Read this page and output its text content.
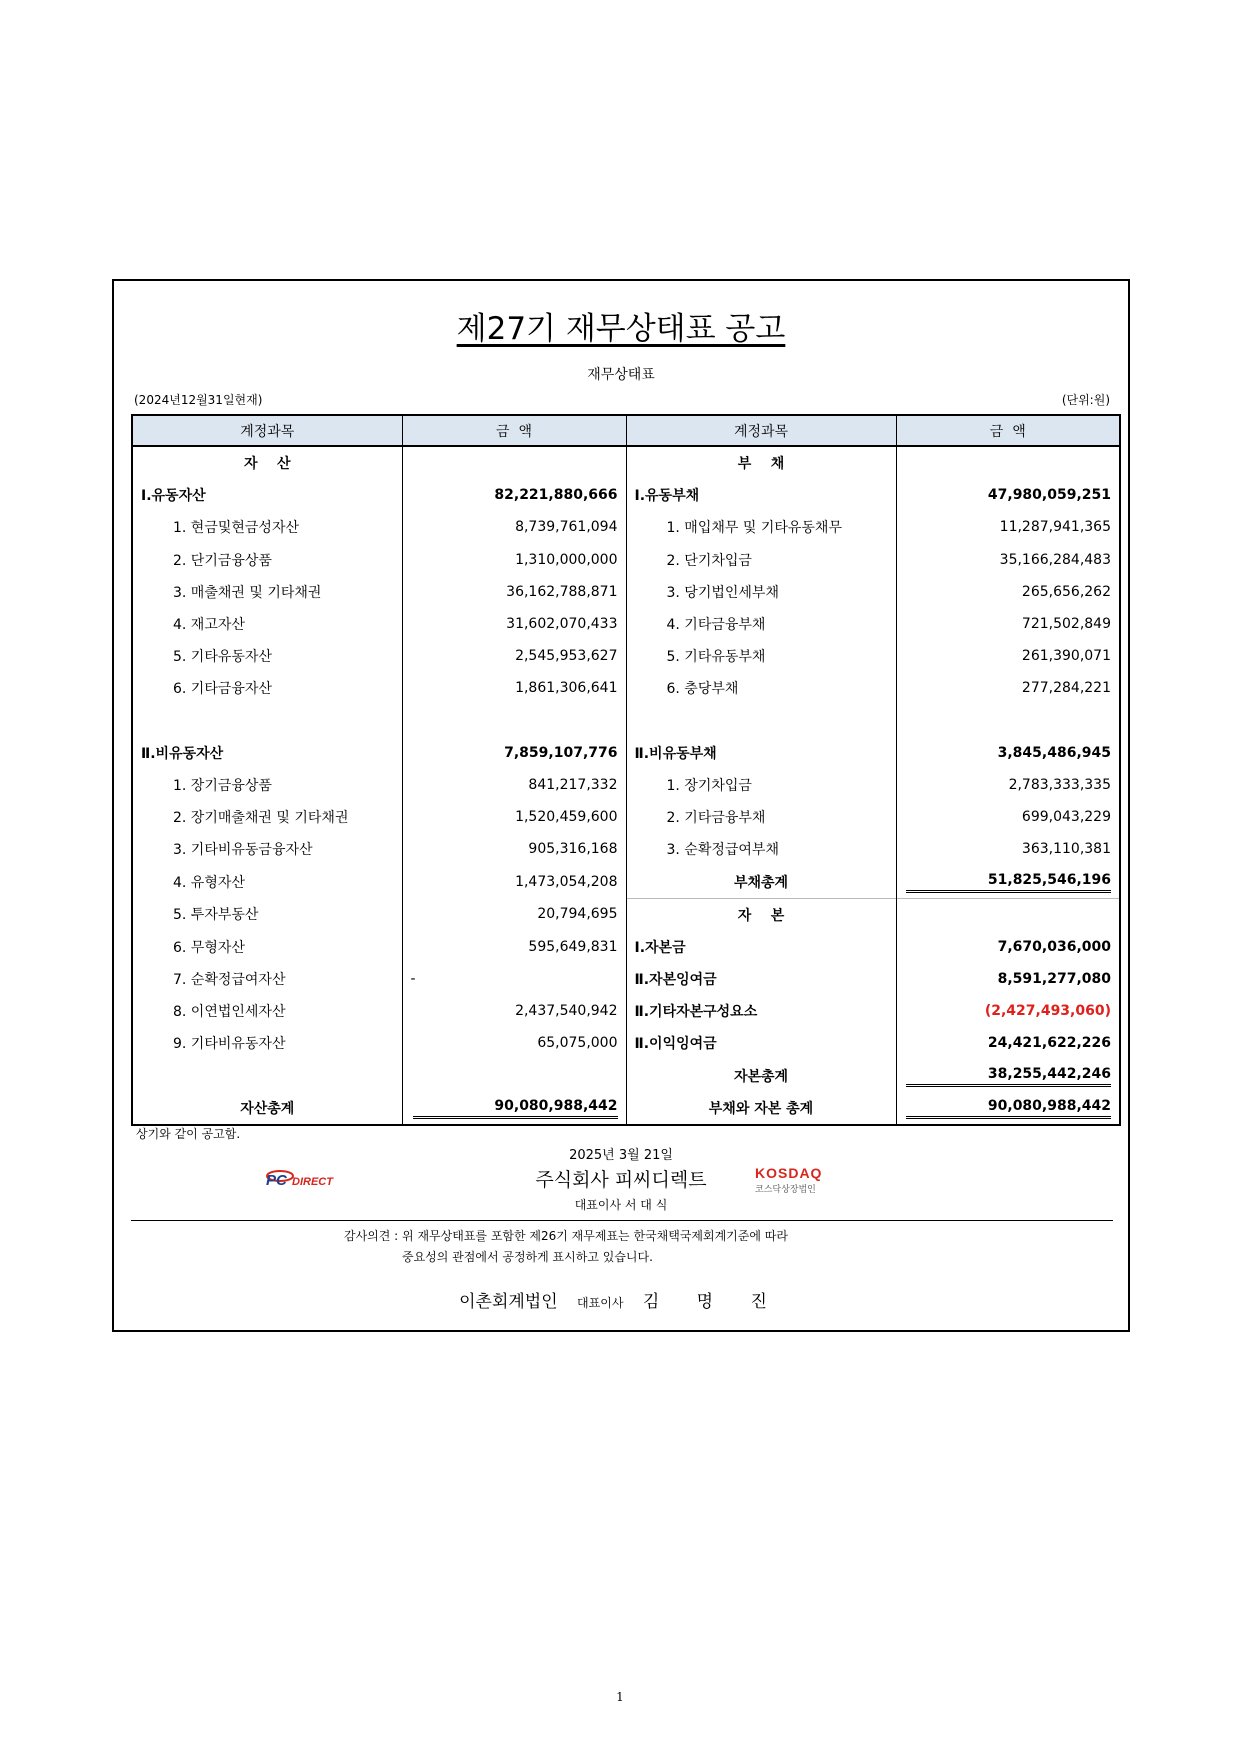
제27기 재무상태표 공고
재무상태표
(2024년12월31일현재)	(단위:원)
계정과목	금  액	계정과목	금  액
자    산		부    채	
Ⅰ.유동자산	82,221,880,666	Ⅰ.유동부채	47,980,059,251
1. 현금및현금성자산	8,739,761,094	1. 매입채무 및 기타유동채무	11,287,941,365
2. 단기금융상품	1,310,000,000	2. 단기차입금	35,166,284,483
3. 매출채권 및 기타채권	36,162,788,871	3. 당기법인세부채	265,656,262
4. 재고자산	31,602,070,433	4. 기타금융부채	721,502,849
5. 기타유동자산	2,545,953,627	5. 기타유동부채	261,390,071
6. 기타금융자산	1,861,306,641	6. 충당부채	277,284,221

Ⅱ.비유동자산	7,859,107,776	Ⅱ.비유동부채	3,845,486,945
1. 장기금융상품	841,217,332	1. 장기차입금	2,783,333,335
2. 장기매출채권 및 기타채권	1,520,459,600	2. 기타금융부채	699,043,229
3. 기타비유동금융자산	905,316,168	3. 순확정급여부채	363,110,381
4. 유형자산	1,473,054,208	부채총계	51,825,546,196
5. 투자부동산	20,794,695	자    본	
6. 무형자산	595,649,831	Ⅰ.자본금	7,670,036,000
7. 순확정급여자산	-	Ⅱ.자본잉여금	8,591,277,080
8. 이연법인세자산	2,437,540,942	Ⅱ.기타자본구성요소	(2,427,493,060)
9. 기타비유동자산	65,075,000	Ⅱ.이익잉여금	24,421,622,226
		자본총계	38,255,442,246
자산총계	90,080,988,442	부채와 자본 총계	90,080,988,442
상기와 같이 공고함.
2025년 3월 21일
PC DIRECT	주식회사 피씨디렉트	KOSDAQ
코스닥상장법인
대표이사 서 대 식
감사의견 : 위 재무상태표를 포함한 제26기 재무제표는 한국채택국제회계기준에 따라
중요성의 관점에서 공정하게 표시하고 있습니다.
이촌회계법인 대표이사 김 명 진
1
